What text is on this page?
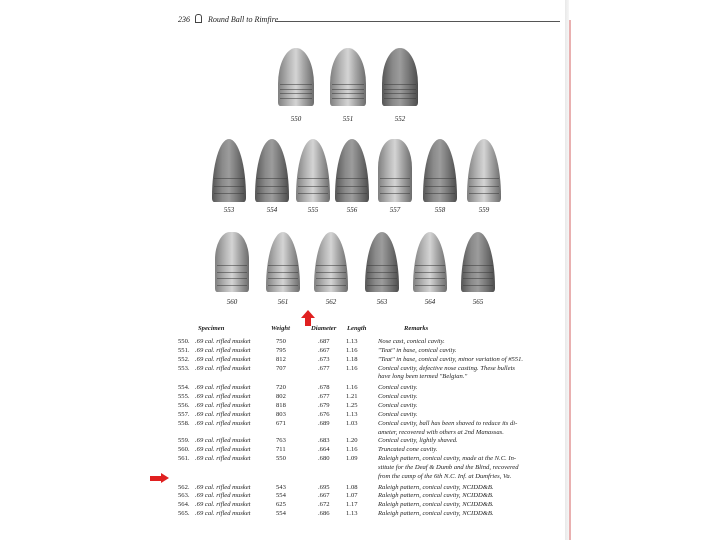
236 Round Ball to Rimfire
550	551	552
553	554	555	556	557	558	559
560	561	562	563	564	565
Specimen	Weight	Diameter Length	Remarks
550. .69 cal. rifled musket	750	.687 1.13	Nose cast, conical cavity.
551. .69 cal. rifled musket	795	.667 1.16	"Teat" in base, conical cavity.
552. .69 cal. rifled musket	812	.673 1.18	"Teat" in base, conical cavity, minor variation of #551.
553. .69 cal. rifled musket	707	.677 1.16	Conical cavity, defective nose casting. These bullets
have long been termed "Belgian."
554. .69 cal. rifled musket	720	.678 1.16	Conical cavity.
555. .69 cal. rifled musket	802	.677 1.21	Conical cavity.
556. .69 cal. rifled musket	818	.679 1.25	Conical cavity.
557. .69 cal. rifled musket	803	.676 1.13	Conical cavity.
558. .69 cal. rifled musket	671	.689 1.03	Conical cavity, ball has been shaved to reduce its di-
ameter, recovered with others at 2nd Manassas.
559. .69 cal. rifled musket	763	.683 1.20	Conical cavity, lightly shaved.
560. .69 cal. rifled musket	711	.664 1.16	Truncated cone cavity.
561. .69 cal. rifled musket	550	.680 1.09	Raleigh pattern, conical cavity, made at the N.C. In-
stitute for the Deaf & Dumb and the Blind, recovered
from the camp of the 6th N.C. Inf. at Dumfries, Va.
562. .69 cal. rifled musket	543	.695 1.08	Raleigh pattern, conical cavity, NCIDD&B.
563. .69 cal. rifled musket	554	.667 1.07	Raleigh pattern, conical cavity, NCIDD&B.
564. .69 cal. rifled musket	625	.672 1.17	Raleigh pattern, conical cavity, NCIDD&B.
565. .69 cal. rifled musket	554	.686 1.13	Raleigh pattern, conical cavity, NCIDD&B.
